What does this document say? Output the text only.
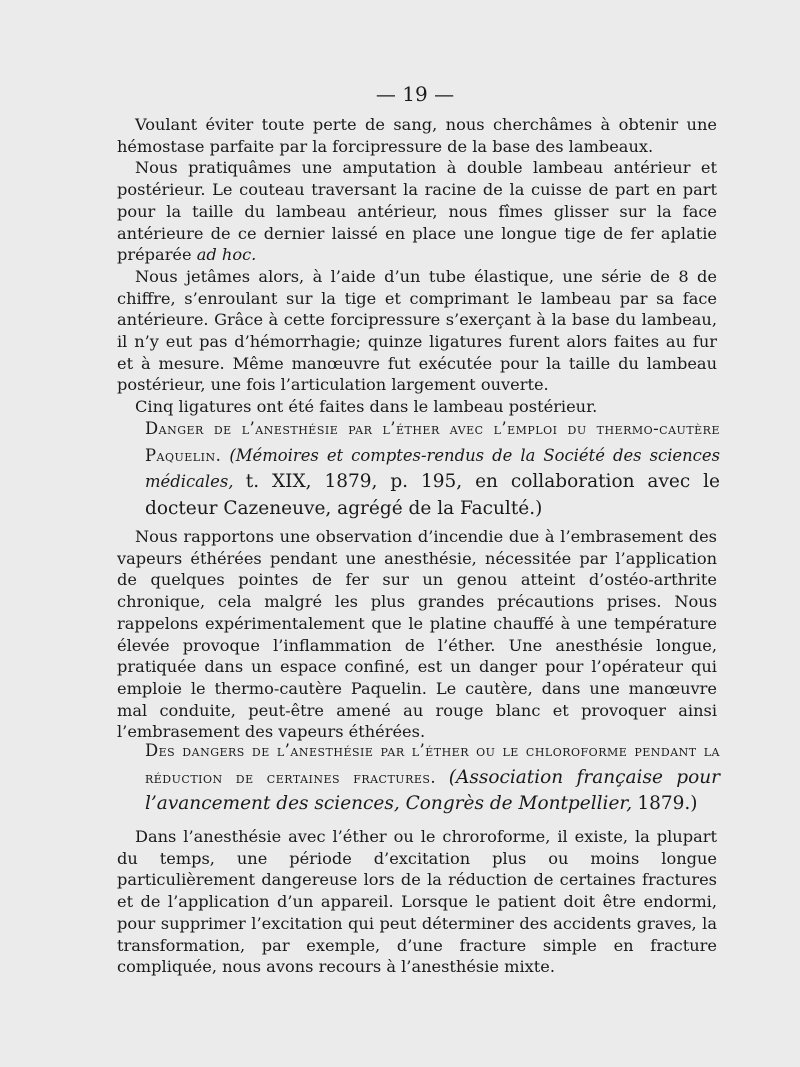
— 19 —

Voulant éviter toute perte de sang, nous cherchâmes à obtenir une hémostase parfaite par la forcipressure de la base des lambeaux.

Nous pratiquâmes une amputation à double lambeau antérieur et postérieur. Le couteau traversant la racine de la cuisse de part en part pour la taille du lambeau antérieur, nous fîmes glisser sur la face antérieure de ce dernier laissé en place une longue tige de fer aplatie préparée ad hoc.

Nous jetâmes alors, à l’aide d’un tube élastique, une série de 8 de chiffre, s’enroulant sur la tige et comprimant le lambeau par sa face antérieure. Grâce à cette forcipressure s’exerçant à la base du lambeau, il n’y eut pas d’hémorrhagie; quinze ligatures furent alors faites au fur et à mesure. Même manœuvre fut exécutée pour la taille du lambeau postérieur, une fois l’articulation largement ouverte.

Cinq ligatures ont été faites dans le lambeau postérieur.

Danger de l’anesthésie par l’éther avec l’emploi du thermo-cautère Paquelin. (Mémoires et comptes-rendus de la Société des sciences médicales, t. XIX, 1879, p. 195, en collaboration avec le docteur Cazeneuve, agrégé de la Faculté.)

Nous rapportons une observation d’incendie due à l’embrasement des vapeurs éthérées pendant une anesthésie, nécessitée par l’application de quelques pointes de fer sur un genou atteint d’ostéo-arthrite chronique, cela malgré les plus grandes précautions prises. Nous rappelons expérimentalement que le platine chauffé à une température élevée provoque l’inflammation de l’éther. Une anesthésie longue, pratiquée dans un espace confiné, est un danger pour l’opérateur qui emploie le thermo-cautère Paquelin. Le cautère, dans une manœuvre mal conduite, peut-être amené au rouge blanc et provoquer ainsi l’embrasement des vapeurs éthérées.

Des dangers de l’anesthésie par l’éther ou le chloroforme pendant la réduction de certaines fractures. (Association française pour l’avancement des sciences, Congrès de Montpellier, 1879.)

Dans l’anesthésie avec l’éther ou le chroroforme, il existe, la plupart du temps, une période d’excitation plus ou moins longue particulièrement dangereuse lors de la réduction de certaines fractures et de l’application d’un appareil. Lorsque le patient doit être endormi, pour supprimer l’excitation qui peut déterminer des accidents graves, la transformation, par exemple, d’une fracture simple en fracture compliquée, nous avons recours à l’anesthésie mixte.
